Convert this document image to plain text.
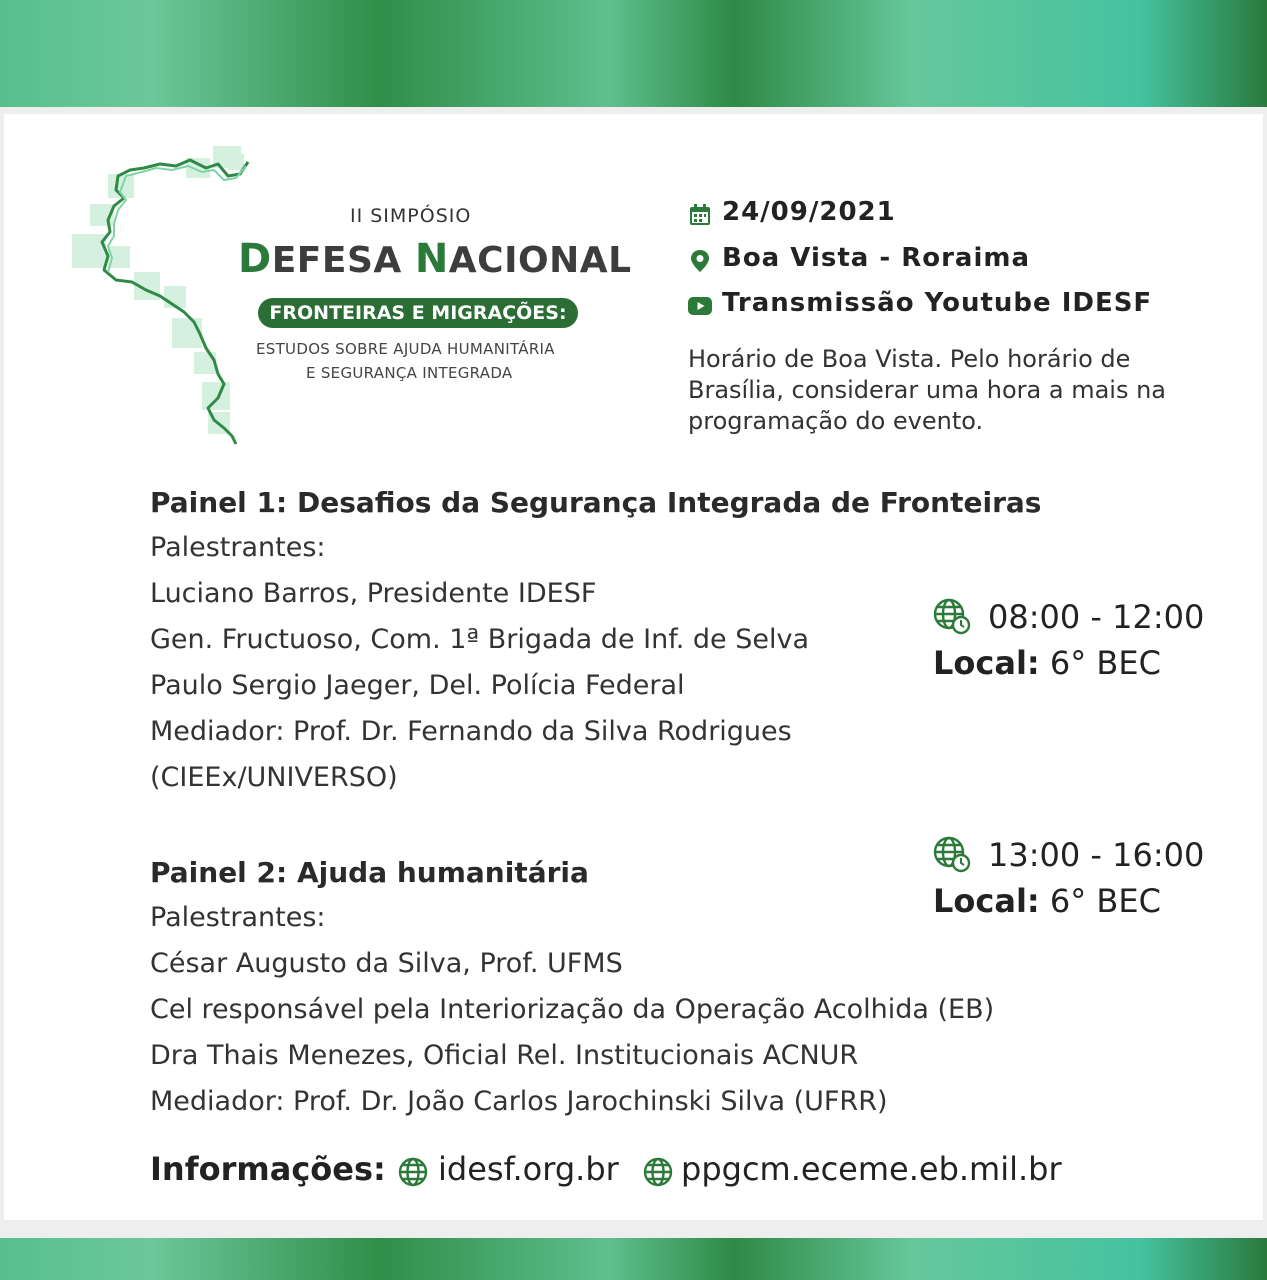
II SIMPÓSIO
DEFESA NACIONAL
FRONTEIRAS E MIGRAÇÕES:
ESTUDOS SOBRE AJUDA HUMANITÁRIA
E SEGURANÇA INTEGRADA
24/09/2021
Boa Vista - Roraima
Transmissão Youtube IDESF
Horário de Boa Vista. Pelo horário de Brasília, considerar uma hora a mais na programação do evento.
Painel 1: Desafios da Segurança Integrada de Fronteiras
Palestrantes:
Luciano Barros, Presidente IDESF
Gen. Fructuoso, Com. 1ª Brigada de Inf. de Selva
Paulo Sergio Jaeger, Del. Polícia Federal
Mediador: Prof. Dr. Fernando da Silva Rodrigues
(CIEEx/UNIVERSO)
08:00 - 12:00
Local: 6° BEC
13:00 - 16:00
Local: 6° BEC
Painel 2: Ajuda humanitária
Palestrantes:
César Augusto da Silva, Prof. UFMS
Cel responsável pela Interiorização da Operação Acolhida (EB)
Dra Thais Menezes, Oficial Rel. Institucionais ACNUR
Mediador: Prof. Dr. João Carlos Jarochinski Silva (UFRR)
Informações: idesf.org.br ppgcm.eceme.eb.mil.br
